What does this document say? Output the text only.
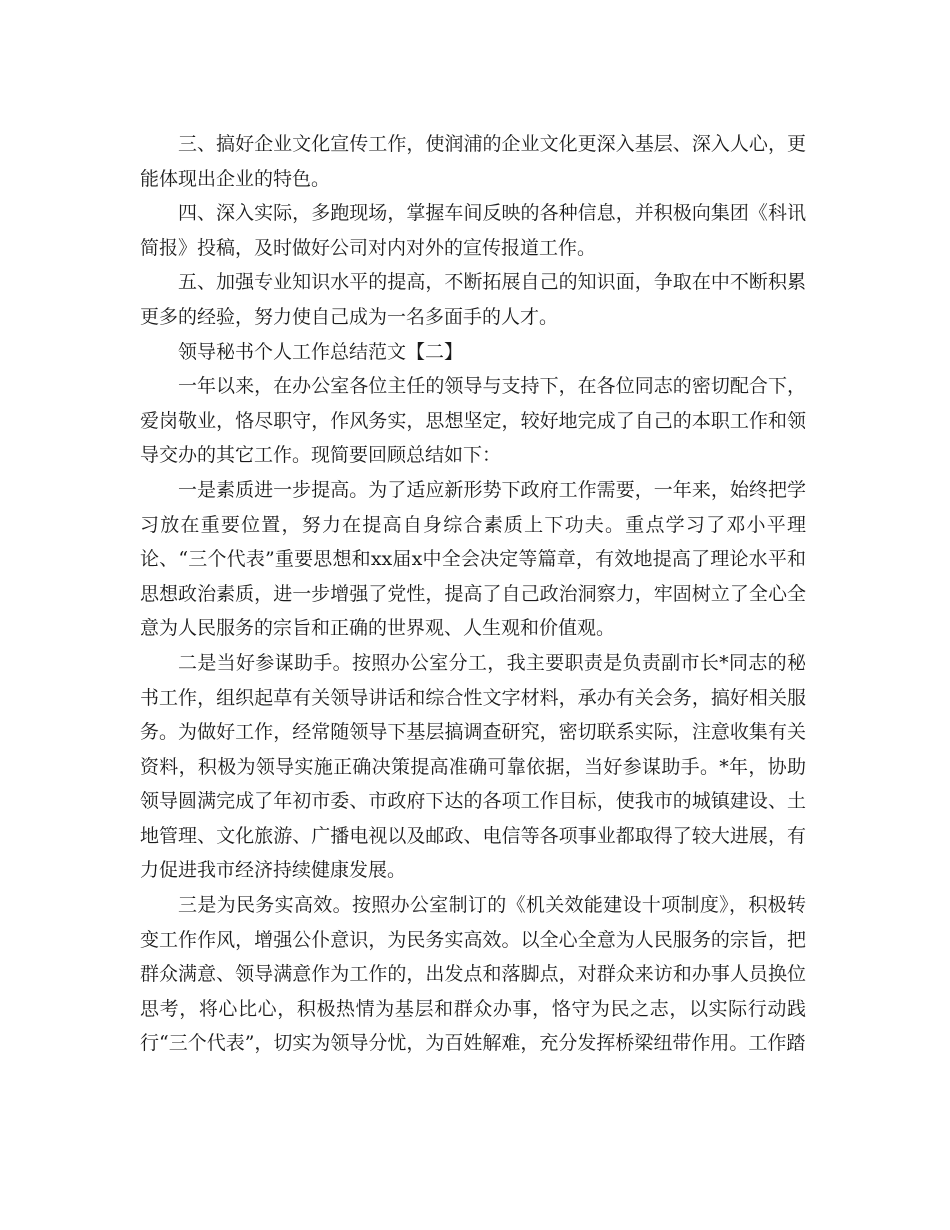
三、搞好企业文化宣传工作，使润浦的企业文化更深入基层、深入人心，更能体现出企业的特色。

四、深入实际，多跑现场，掌握车间反映的各种信息，并积极向集团《科讯简报》投稿，及时做好公司对内对外的宣传报道工作。

五、加强专业知识水平的提高，不断拓展自己的知识面，争取在中不断积累更多的经验，努力使自己成为一名多面手的人才。

领导秘书个人工作总结范文【二】

一年以来，在办公室各位主任的领导与支持下，在各位同志的密切配合下，爱岗敬业，恪尽职守，作风务实，思想坚定，较好地完成了自己的本职工作和领导交办的其它工作。现简要回顾总结如下：

一是素质进一步提高。为了适应新形势下政府工作需要，一年来，始终把学习放在重要位置，努力在提高自身综合素质上下功夫。重点学习了邓小平理论、“三个代表”重要思想和xx届x中全会决定等篇章，有效地提高了理论水平和思想政治素质，进一步增强了党性，提高了自己政治洞察力，牢固树立了全心全意为人民服务的宗旨和正确的世界观、人生观和价值观。

二是当好参谋助手。按照办公室分工，我主要职责是负责副市长*同志的秘书工作，组织起草有关领导讲话和综合性文字材料，承办有关会务，搞好相关服务。为做好工作，经常随领导下基层搞调查研究，密切联系实际，注意收集有关资料，积极为领导实施正确决策提高准确可靠依据，当好参谋助手。*年，协助领导圆满完成了年初市委、市政府下达的各项工作目标，使我市的城镇建设、土地管理、文化旅游、广播电视以及邮政、电信等各项事业都取得了较大进展，有力促进我市经济持续健康发展。

三是为民务实高效。按照办公室制订的《机关效能建设十项制度》，积极转变工作作风，增强公仆意识，为民务实高效。以全心全意为人民服务的宗旨，把群众满意、领导满意作为工作的，出发点和落脚点，对群众来访和办事人员换位思考，将心比心，积极热情为基层和群众办事，恪守为民之志，以实际行动践行“三个代表”，切实为领导分忧，为百姓解难，充分发挥桥梁纽带作用。工作踏
